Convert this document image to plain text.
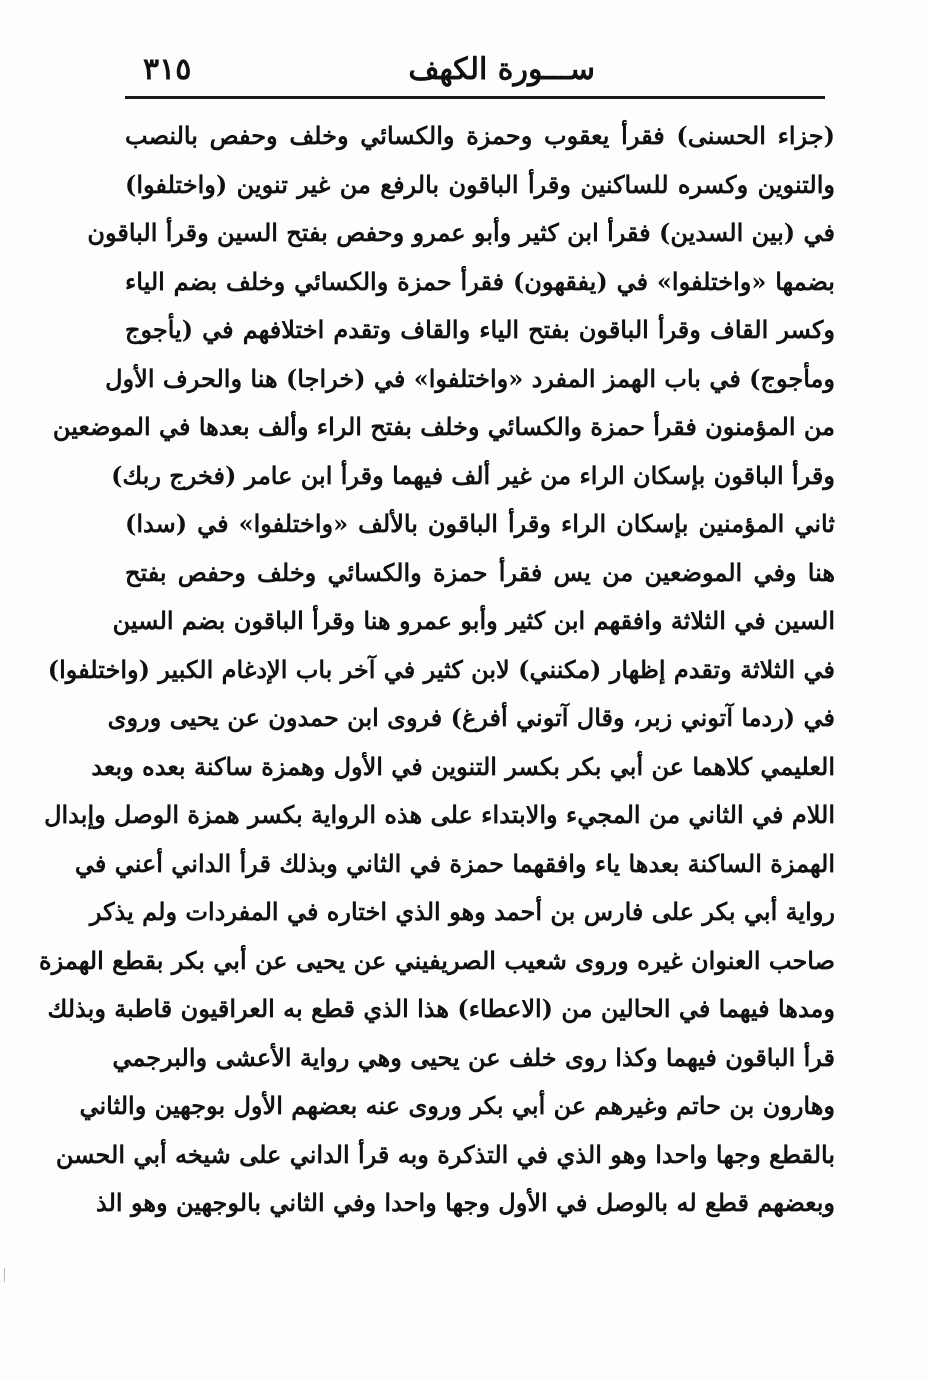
ســـورة الكهف
٣١٥
(جزاء الحسنى) فقرأ يعقوب وحمزة والكسائي وخلف وحفص بالنصب
والتنوين وكسره للساكنين وقرأ الباقون بالرفع من غير تنوين (واختلفوا)
في (بين السدين) فقرأ ابن كثير وأبو عمرو وحفص بفتح السين وقرأ الباقون
بضمها «واختلفوا» في (يفقهون) فقرأ حمزة والكسائي وخلف بضم الياء
وكسر القاف وقرأ الباقون بفتح الياء والقاف وتقدم اختلافهم في (يأجوج
ومأجوج) في باب الهمز المفرد «واختلفوا» في (خراجا) هنا والحرف الأول
من المؤمنون فقرأ حمزة والكسائي وخلف بفتح الراء وألف بعدها في الموضعين
وقرأ الباقون بإسكان الراء من غير ألف فيهما وقرأ ابن عامر (فخرج ربك)
ثاني المؤمنين بإسكان الراء وقرأ الباقون بالألف «واختلفوا» في (سدا)
هنا وفي الموضعين من يس فقرأ حمزة والكسائي وخلف وحفص بفتح
السين في الثلاثة وافقهم ابن كثير وأبو عمرو هنا وقرأ الباقون بضم السين
في الثلاثة وتقدم إظهار (مكنني) لابن كثير في آخر باب الإدغام الكبير (واختلفوا)
في (ردما آتوني زبر، وقال آتوني أفرغ) فروى ابن حمدون عن يحيى وروى
العليمي كلاهما عن أبي بكر بكسر التنوين في الأول وهمزة ساكنة بعده وبعد
اللام في الثاني من المجيء والابتداء على هذه الرواية بكسر همزة الوصل وإبدال
الهمزة الساكنة بعدها ياء وافقهما حمزة في الثاني وبذلك قرأ الداني أعني في
رواية أبي بكر على فارس بن أحمد وهو الذي اختاره في المفردات ولم يذكر
صاحب العنوان غيره وروى شعيب الصريفيني عن يحيى عن أبي بكر بقطع الهمزة
ومدها فيهما في الحالين من (الاعطاء) هذا الذي قطع به العراقيون قاطبة وبذلك
قرأ الباقون فيهما وكذا روى خلف عن يحيى وهي رواية الأعشى والبرجمي
وهارون بن حاتم وغيرهم عن أبي بكر وروى عنه بعضهم الأول بوجهين والثاني
بالقطع وجها واحدا وهو الذي في التذكرة وبه قرأ الداني على شيخه أبي الحسن
وبعضهم قطع له بالوصل في الأول وجها واحدا وفي الثاني بالوجهين وهو الذ
